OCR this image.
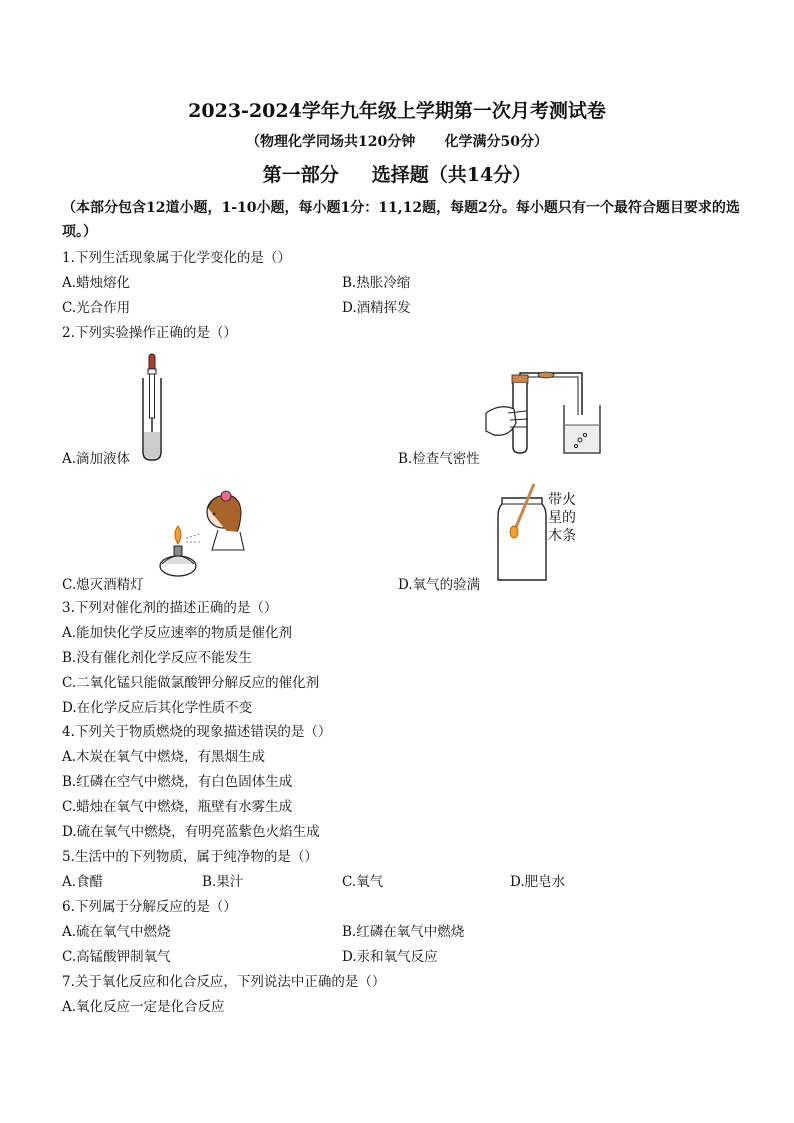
2023-2024学年九年级上学期第一次月考测试卷
（物理化学同场共120分钟      化学满分50分）
第一部分     选择题（共14分）
（本部分包含12道小题，1-10小题，每小题1分：11,12题，每题2分。每小题只有一个最符合题目要求的选项。）
1.下列生活现象属于化学变化的是（）
A.蜡烛熔化	B.热胀冷缩
C.光合作用	D.酒精挥发
2.下列实验操作正确的是（）
A.滴加液体	B.检查气密性
C.熄灭酒精灯
带火
星的
木条
D.氧气的验满
3.下列对催化剂的描述正确的是（）
A.能加快化学反应速率的物质是催化剂
B.没有催化剂化学反应不能发生
C.二氧化锰只能做氯酸钾分解反应的催化剂
D.在化学反应后其化学性质不变
4.下列关于物质燃烧的现象描述错误的是（）
A.木炭在氧气中燃烧，有黑烟生成
B.红磷在空气中燃烧，有白色固体生成
C.蜡烛在氧气中燃烧，瓶壁有水雾生成
D.硫在氧气中燃烧，有明亮蓝紫色火焰生成
5.生活中的下列物质，属于纯净物的是（）
A.食醋	B.果汁	C.氧气	D.肥皂水
6.下列属于分解反应的是（）
A.硫在氧气中燃烧	B.红磷在氧气中燃烧
C.高锰酸钾制氧气	D.汞和氧气反应
7.关于氧化反应和化合反应，下列说法中正确的是（）
A.氧化反应一定是化合反应
